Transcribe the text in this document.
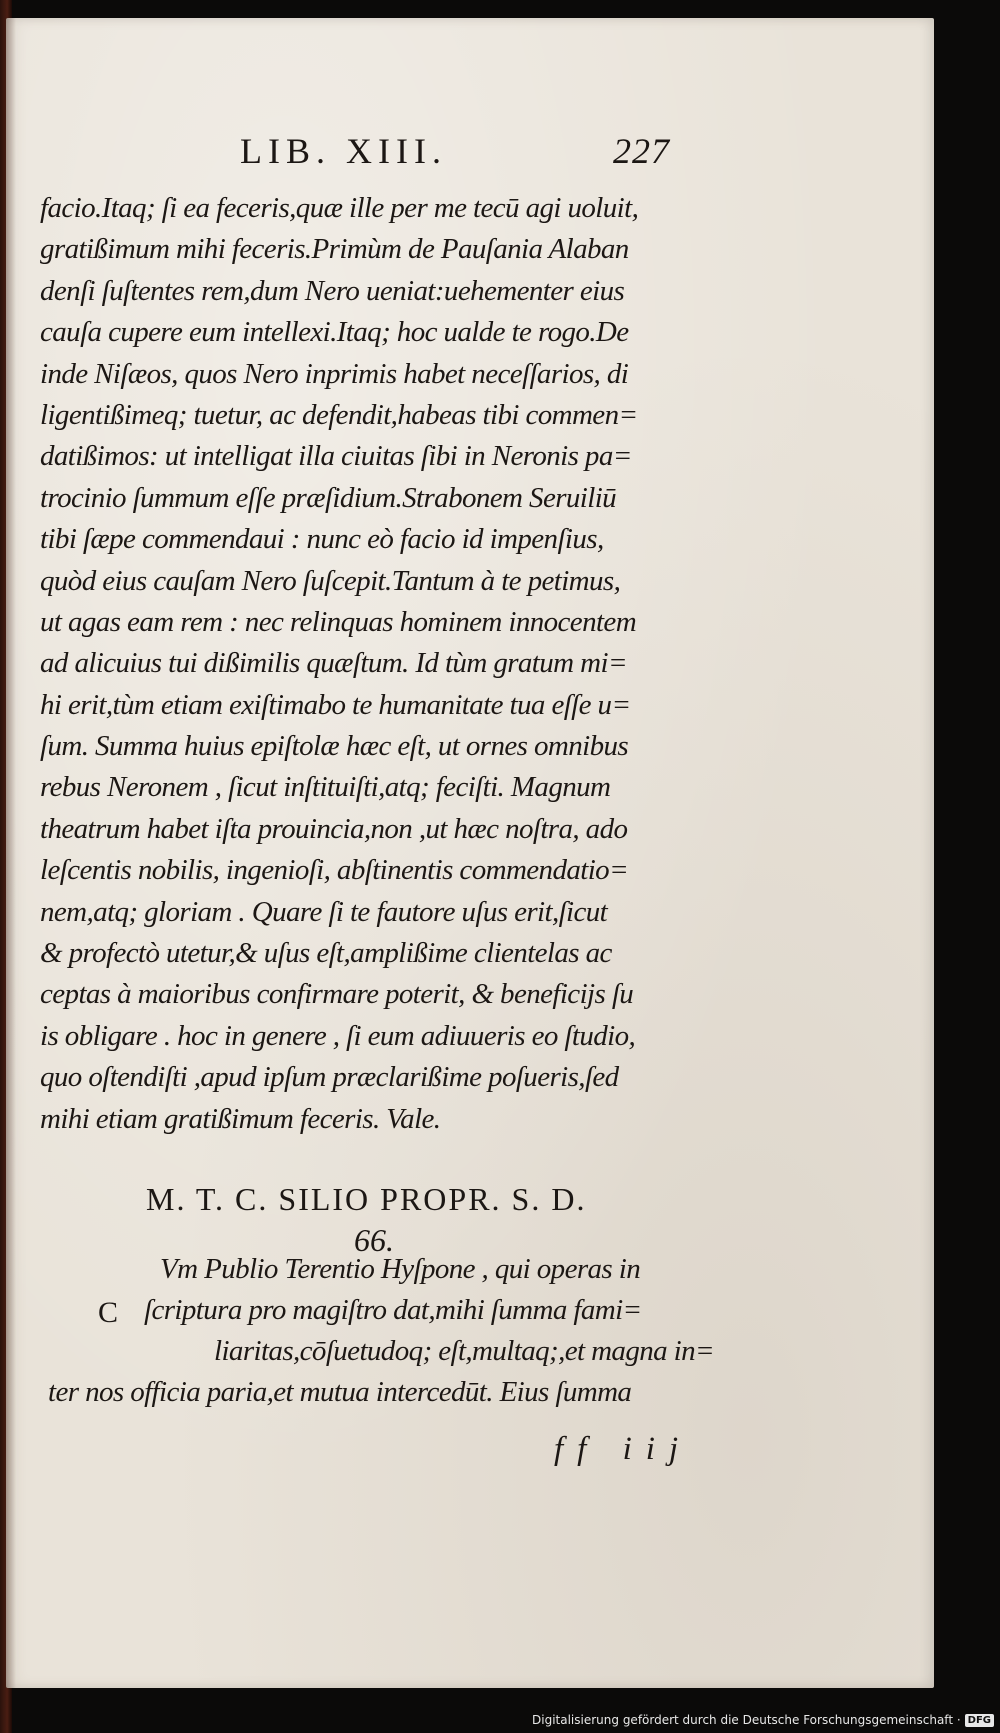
LIB. XIII.	227
facio.Itaq; ſi ea feceris,quæ ille per me tecū agi uoluit,
gratißimum mihi feceris.Primùm de Pauſania Alaban
denſi ſuſtentes rem,dum Nero ueniat:uehementer eius
cauſa cupere eum intellexi.Itaq; hoc ualde te rogo.De
inde Niſæos, quos Nero inprimis habet neceſſarios, di
ligentißimeq; tuetur, ac defendit,habeas tibi commen=
datißimos: ut intelligat illa ciuitas ſibi in Neronis pa=
trocinio ſummum eſſe præſidium.Strabonem Seruiliū
tibi ſæpe commendaui : nunc eò facio id impenſius,
quòd eius cauſam Nero ſuſcepit.Tantum à te petimus,
ut agas eam rem : nec relinquas hominem innocentem
ad alicuius tui dißimilis quæſtum. Id tùm gratum mi=
hi erit,tùm etiam exiſtimabo te humanitate tua eſſe u=
ſum. Summa huius epiſtolæ hæc eſt, ut ornes omnibus
rebus Neronem , ſicut inſtituiſti,atq; feciſti. Magnum
theatrum habet iſta prouincia,non ,ut hæc noſtra, ado
leſcentis nobilis, ingenioſi, abſtinentis commendatio=
nem,atq; gloriam . Quare ſi te fautore uſus erit,ſicut
& profectò utetur,& uſus eſt,amplißime clientelas ac
ceptas à maioribus confirmare poterit, & beneficijs ſu
is obligare . hoc in genere , ſi eum adiuueris eo ſtudio,
quo oſtendiſti ,apud ipſum præclarißime poſueris,ſed
mihi etiam gratißimum feceris. Vale.
M. T. C. SILIO PROPR. S. D.
66.
C
Vm Publio Terentio Hyſpone , qui operas in
ſcriptura pro magiſtro dat,mihi ſumma fami=
liaritas,cōſuetudoq; eſt,multaq;,et magna in=
ter nos officia paria,et mutua intercedūt. Eius ſumma
ff iij
Digitalisierung gefördert durch die Deutsche Forschungsgemeinschaft · DFG
